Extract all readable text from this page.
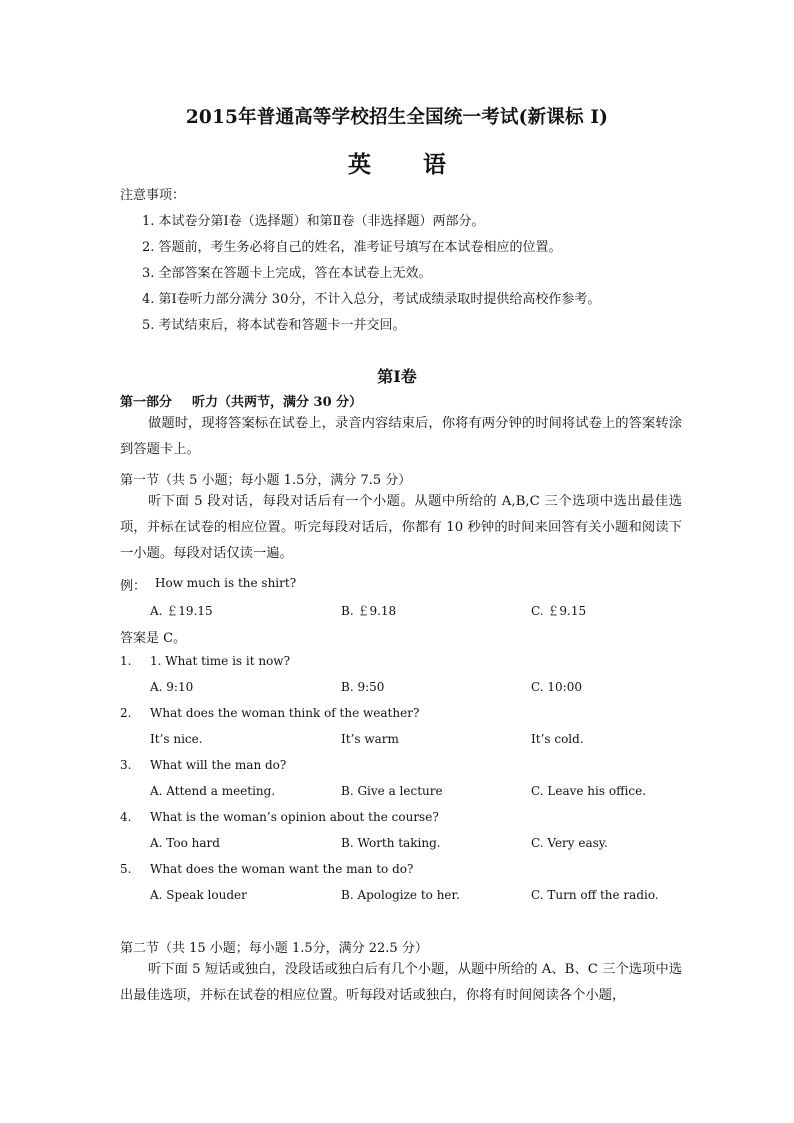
2015年普通高等学校招生全国统一考试(新课标 I)
英 语
注意事项：
1. 本试卷分第Ⅰ卷（选择题）和第Ⅱ卷（非选择题）两部分。
2. 答题前，考生务必将自己的姓名，准考证号填写在本试卷相应的位置。
3. 全部答案在答题卡上完成，答在本试卷上无效。
4. 第Ⅰ卷听力部分满分 30分，不计入总分，考试成绩录取时提供给高校作参考。
5. 考试结束后，将本试卷和答题卡一并交回。
第Ⅰ卷
第一部分 听力（共两节，满分 30 分）
做题时，现将答案标在试卷上，录音内容结束后，你将有两分钟的时间将试卷上的答案转涂到答题卡上。
第一节（共 5 小题；每小题 1.5分，满分 7.5 分）
听下面 5 段对话，每段对话后有一个小题。从题中所给的 A,B,C 三个选项中选出最佳选项，并标在试卷的相应位置。听完每段对话后，你都有 10 秒钟的时间来回答有关小题和阅读下一小题。每段对话仅读一遍。
例： How much is the shirt?
A. ￡19.15	B. ￡9.18	C. ￡9.15
答案是 C。
1. 1. What time is it now?
A. 9:10	B. 9:50	C. 10:00
2. What does the woman think of the weather?
It’s nice.	It’s warm	It’s cold.
3. What will the man do?
A. Attend a meeting.	B. Give a lecture	C. Leave his office.
4. What is the woman’s opinion about the course?
A. Too hard	B. Worth taking.	C. Very easy.
5. What does the woman want the man to do?
A. Speak louder	B. Apologize to her.	C. Turn off the radio.
第二节（共 15 小题；每小题 1.5分，满分 22.5 分）
听下面 5 短话或独白，没段话或独白后有几个小题，从题中所给的 A、B、C 三个选项中选出最佳选项，并标在试卷的相应位置。听每段对话或独白，你将有时间阅读各个小题，
